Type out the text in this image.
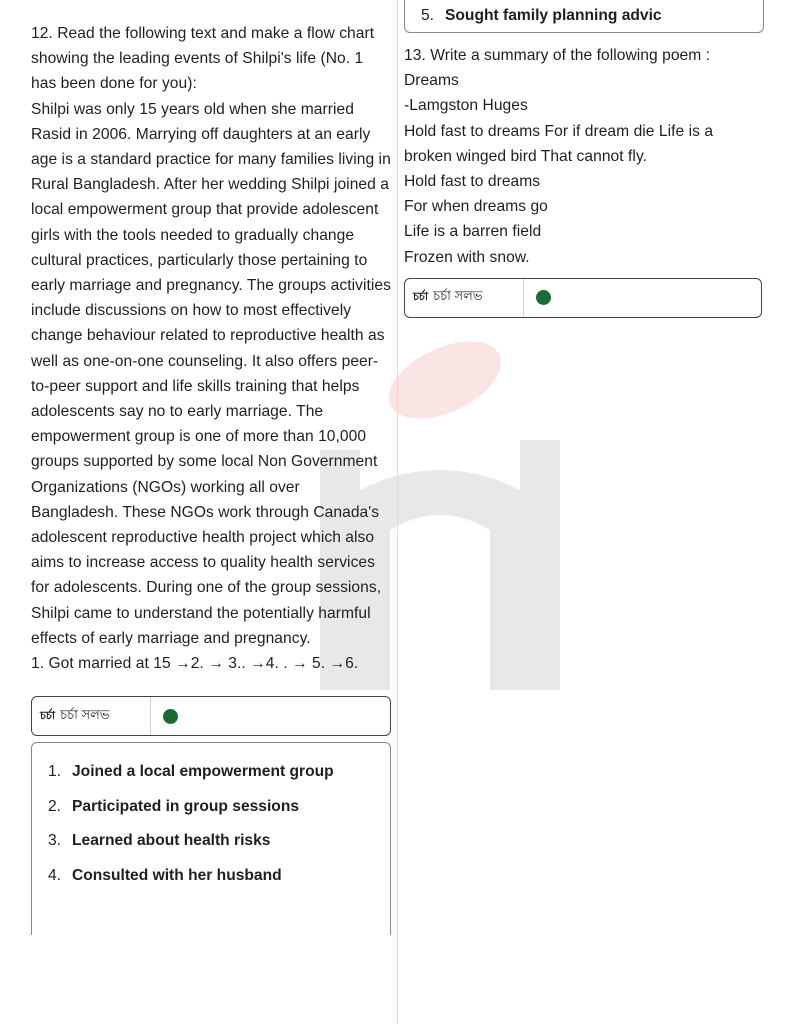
12. Read the following text and make a flow chart showing the leading events of Shilpi's life (No. 1 has been done for you):

Shilpi was only 15 years old when she married Rasid in 2006. Marrying off daughters at an early age is a standard practice for many families living in Rural Bangladesh. After her wedding Shilpi joined a local empowerment group that provide adolescent girls with the tools needed to gradually change cultural practices, particularly those pertaining to early marriage and pregnancy. The groups activities include discussions on how to most effectively change behaviour related to reproductive health as well as one-on-one counseling. It also offers peer-to-peer support and life skills training that helps adolescents say no to early marriage. The empowerment group is one of more than 10,000 groups supported by some local Non Government Organizations (NGOs) working all over Bangladesh. These NGOs work through Canada's adolescent reproductive health project which also aims to increase access to quality health services for adolescents. During one of the group sessions, Shilpi came to understand the potentially harmful effects of early marriage and pregnancy.

1. Got married at 15 →2. → 3.. →4. . → 5. →6.

চর্চা চর্চা সলভ
1. Joined a local empowerment group
2. Participated in group sessions
3. Learned about health risks
4. Consulted with her husband
5. Sought family planning advic

13. Write a summary of the following poem :

Dreams

-Lamgston Huges

Hold fast to dreams For if dream die Life is a broken winged bird That cannot fly.

Hold fast to dreams

For when dreams go

Life is a barren field

Frozen with snow.

চর্চা চর্চা সলভ
